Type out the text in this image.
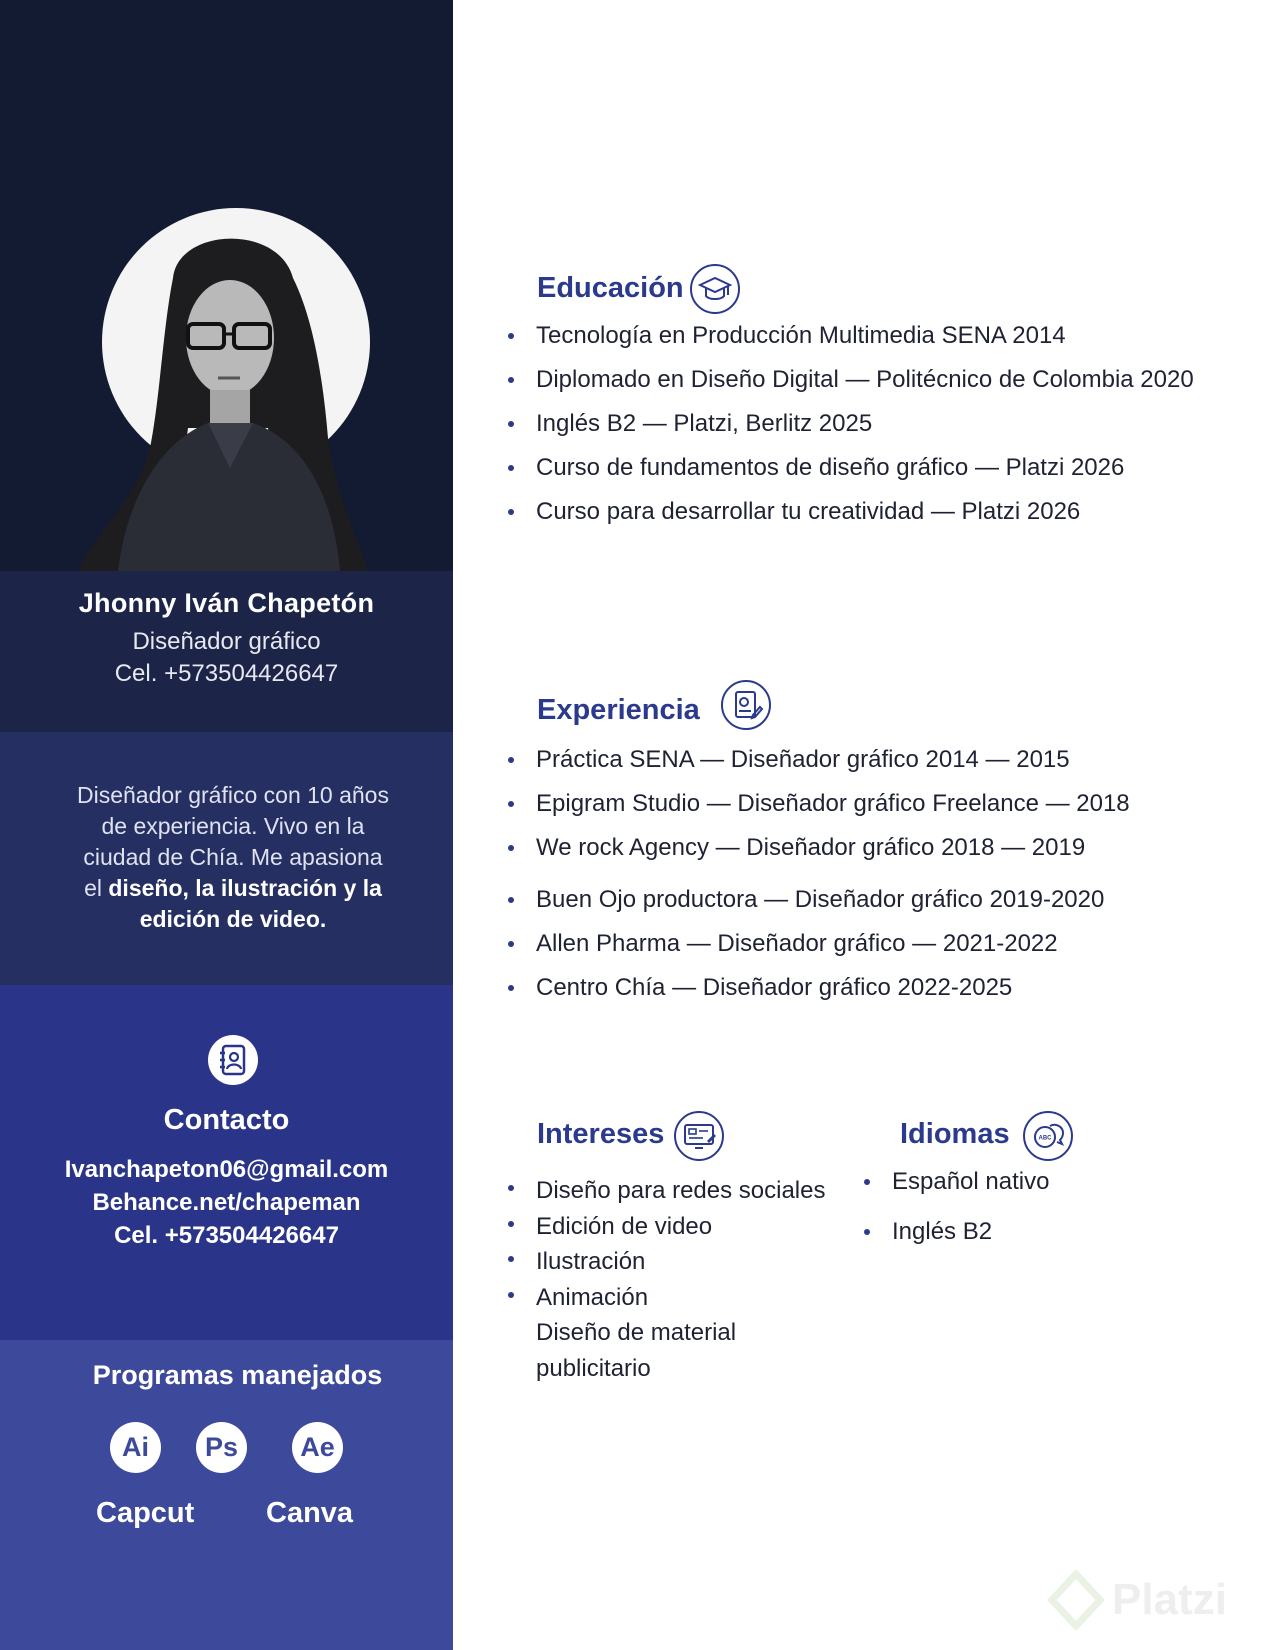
Jhonny Iván Chapetón
Diseñador gráfico
Cel. +573504426647
Diseñador gráfico con 10 años
de experiencia. Vivo en la
ciudad de Chía. Me apasiona
el diseño, la ilustración y la
edición de video.
Contacto
Ivanchapeton06@gmail.com
Behance.net/chapeman
Cel. +573504426647
Programas manejados
Ai	Ps	Ae
Capcut Canva
Educación
Tecnología en Producción Multimedia SENA 2014
Diplomado en Diseño Digital — Politécnico de Colombia 2020
Inglés B2 — Platzi, Berlitz 2025
Curso de fundamentos de diseño gráfico — Platzi 2026
Curso para desarrollar tu creatividad — Platzi 2026
Experiencia
Práctica SENA — Diseñador gráfico 2014 — 2015
Epigram Studio — Diseñador gráfico Freelance — 2018
We rock Agency — Diseñador gráfico 2018 — 2019
Buen Ojo productora — Diseñador gráfico 2019-2020
Allen Pharma — Diseñador gráfico — 2021-2022
Centro Chía — Diseñador gráfico 2022-2025
Intereses
Diseño para redes sociales
Edición de video
Ilustración
Animación
Diseño de material
publicitario
Idiomas	ABC
Español nativo
Inglés B2
Platzi
